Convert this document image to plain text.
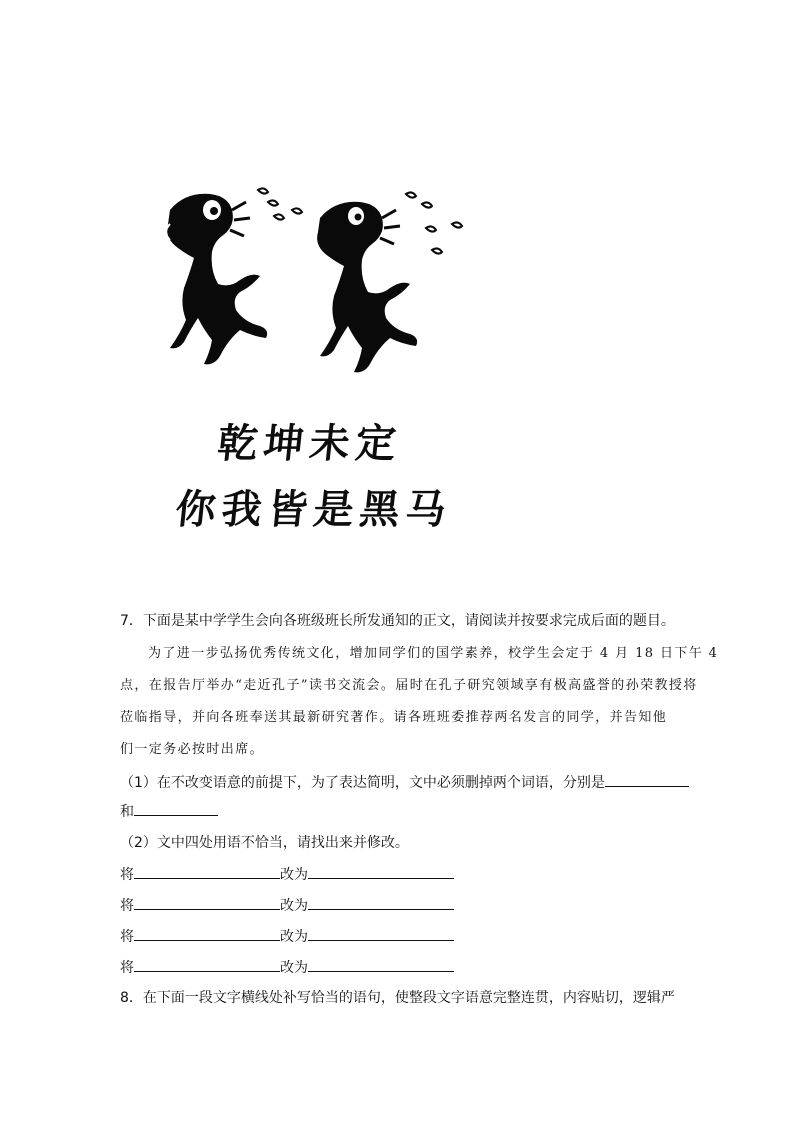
乾坤未定
你我皆是黑马
7．下面是某中学学生会向各班级班长所发通知的正文，请阅读并按要求完成后面的题目。

为了进一步弘扬优秀传统文化，增加同学们的国学素养，校学生会定于 4 月 18 日下午 4

点，在报告厅举办“走近孔子”读书交流会。届时在孔子研究领域享有极高盛誉的孙荣教授将

莅临指导，并向各班奉送其最新研究著作。请各班班委推荐两名发言的同学，并告知他

们一定务必按时出席。

（1）在不改变语意的前提下，为了表达简明，文中必须删掉两个词语，分别是
和
（2）文中四处用语不恰当，请找出来并修改。
将	改为
将	改为
将	改为
将	改为
8．在下面一段文字横线处补写恰当的语句，使整段文字语意完整连贯，内容贴切，逻辑严
